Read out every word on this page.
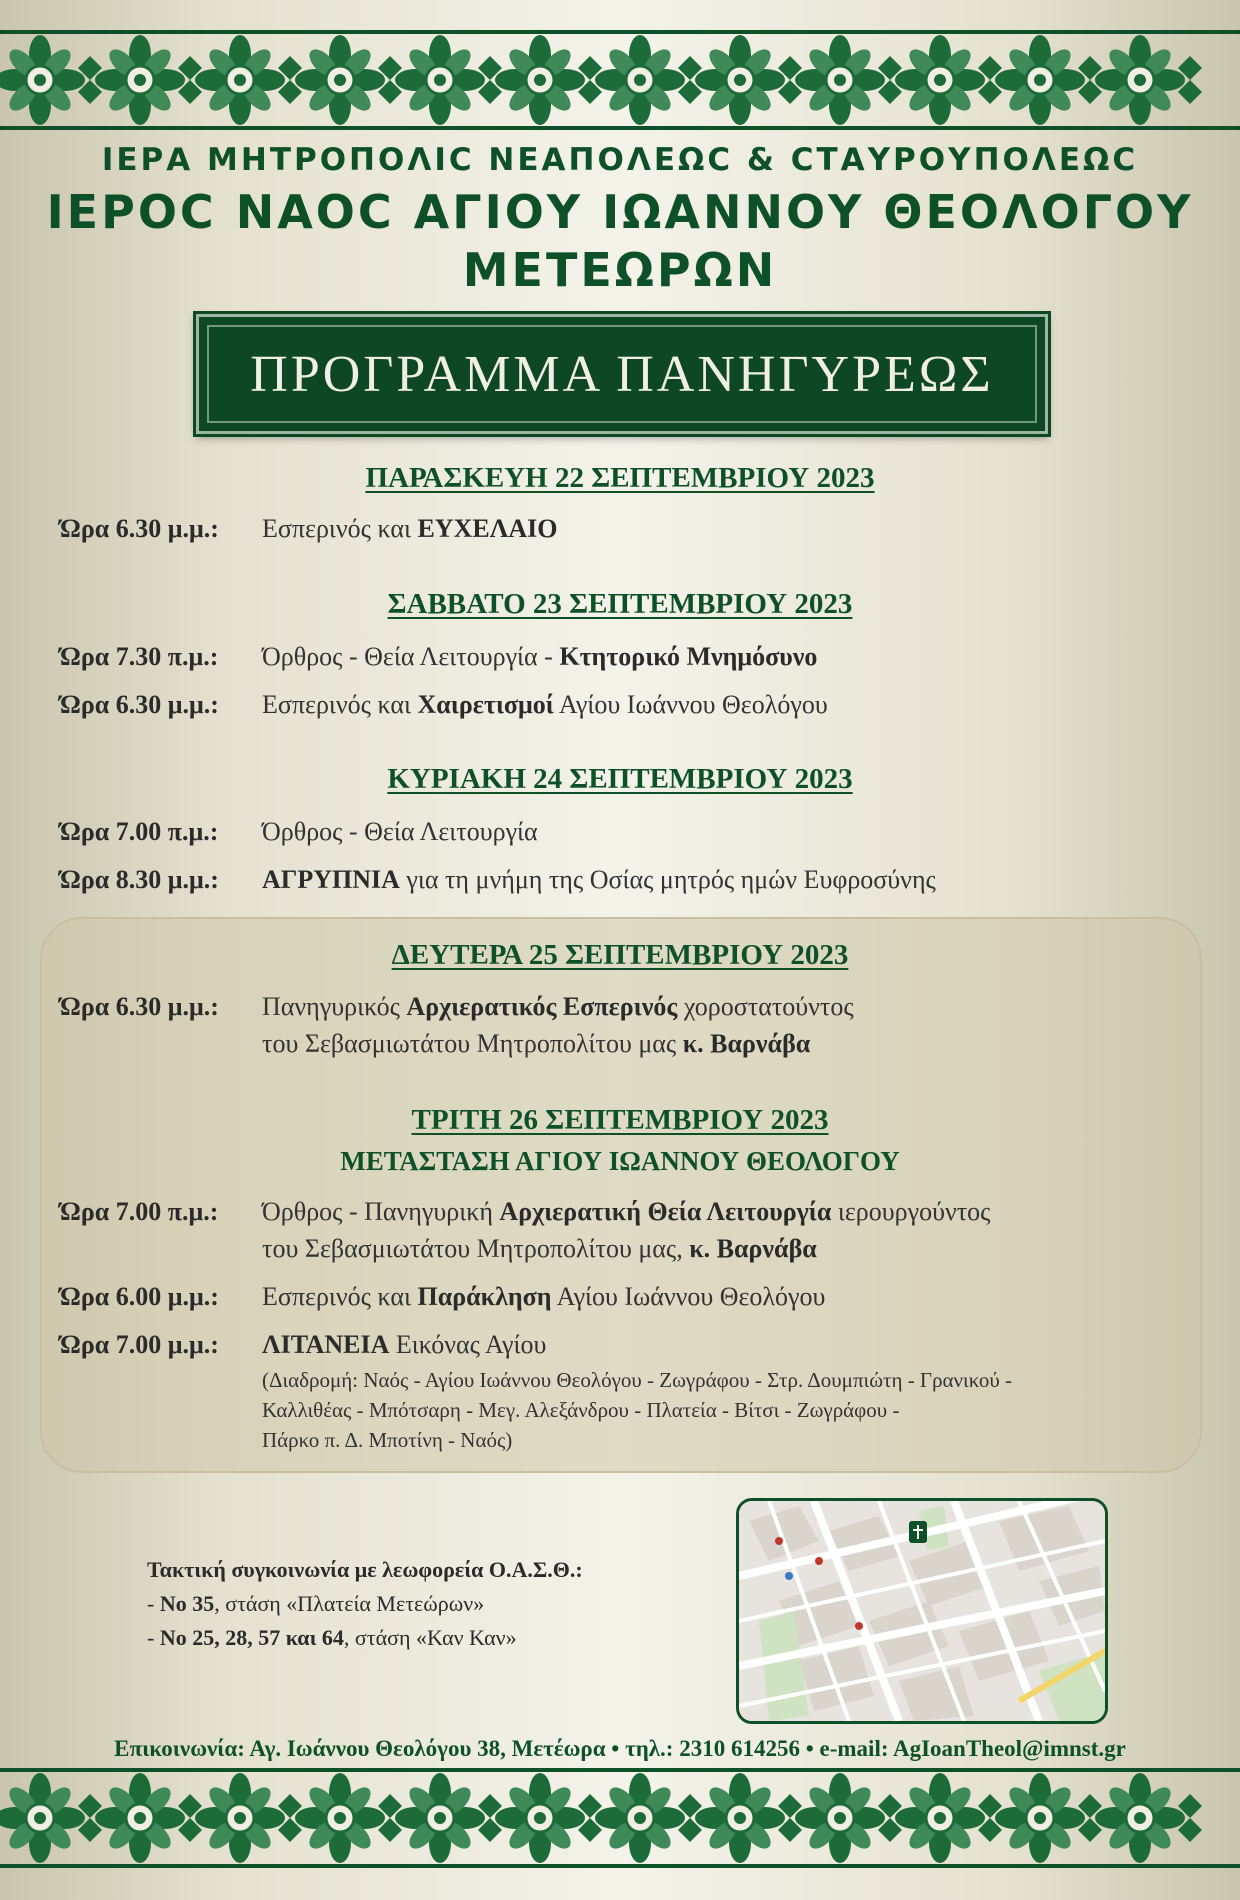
ΙΕΡΑ ΜΗΤΡΟΠΟΛΙϹ ΝΕΑΠΟΛΕΩϹ & ϹΤΑΥΡΟΥΠΟΛΕΩϹ
ΙΕΡΟϹ ΝΑΟϹ ΑΓΙΟΥ ΙΩΑΝΝΟΥ ΘΕΟΛΟΓΟΥ
ΜΕΤΕΩΡΩΝ
ΠΡΟΓΡΑΜΜΑ ΠΑΝΗΓΥΡΕΩΣ
ΠΑΡΑΣΚΕΥΗ 22 ΣΕΠΤΕΜΒΡΙΟΥ 2023
Ώρα 6.30 μ.μ.:	Εσπερινός και ΕΥΧΕΛΑΙΟ
ΣΑΒΒΑΤΟ 23 ΣΕΠΤΕΜΒΡΙΟΥ 2023
Ώρα 7.30 π.μ.:	Όρθρος - Θεία Λειτουργία - Κτητορικό Μνημόσυνο
Ώρα 6.30 μ.μ.:	Εσπερινός και Χαιρετισμοί Αγίου Ιωάννου Θεολόγου
ΚΥΡΙΑΚΗ 24 ΣΕΠΤΕΜΒΡΙΟΥ 2023
Ώρα 7.00 π.μ.:	Όρθρος - Θεία Λειτουργία
Ώρα 8.30 μ.μ.:	ΑΓΡΥΠΝΙΑ για τη μνήμη της Οσίας μητρός ημών Ευφροσύνης
ΔΕΥΤΕΡΑ 25 ΣΕΠΤΕΜΒΡΙΟΥ 2023
Ώρα 6.30 μ.μ.:	Πανηγυρικός Αρχιερατικός Εσπερινός χοροστατούντος
του Σεβασμιωτάτου Μητροπολίτου μας κ. Βαρνάβα
ΤΡΙΤΗ 26 ΣΕΠΤΕΜΒΡΙΟΥ 2023
ΜΕΤΑΣΤΑΣΗ ΑΓΙΟΥ ΙΩΑΝΝΟΥ ΘΕΟΛΟΓΟΥ
Ώρα 7.00 π.μ.:	Όρθρος - Πανηγυρική Αρχιερατική Θεία Λειτουργία ιερουργούντος
του Σεβασμιωτάτου Μητροπολίτου μας, κ. Βαρνάβα
Ώρα 6.00 μ.μ.:	Εσπερινός και Παράκληση Αγίου Ιωάννου Θεολόγου
Ώρα 7.00 μ.μ.:	ΛΙΤΑΝΕΙΑ Εικόνας Αγίου
(Διαδρομή: Ναός - Αγίου Ιωάννου Θεολόγου - Ζωγράφου - Στρ. Δουμπιώτη - Γρανικού -
Καλλιθέας - Μπότσαρη - Μεγ. Αλεξάνδρου - Πλατεία - Βίτσι - Ζωγράφου -
Πάρκο π. Δ. Μποτίνη - Ναός)
Τακτική συγκοινωνία με λεωφορεία Ο.Α.Σ.Θ.:
- Νο 35, στάση «Πλατεία Μετεώρων»
- Νο 25, 28, 57 και 64, στάση «Καν Καν»
Επικοινωνία: Αγ. Ιωάννου Θεολόγου 38, Μετέωρα • τηλ.: 2310 614256 • e-mail: AgIoanTheol@imnst.gr
